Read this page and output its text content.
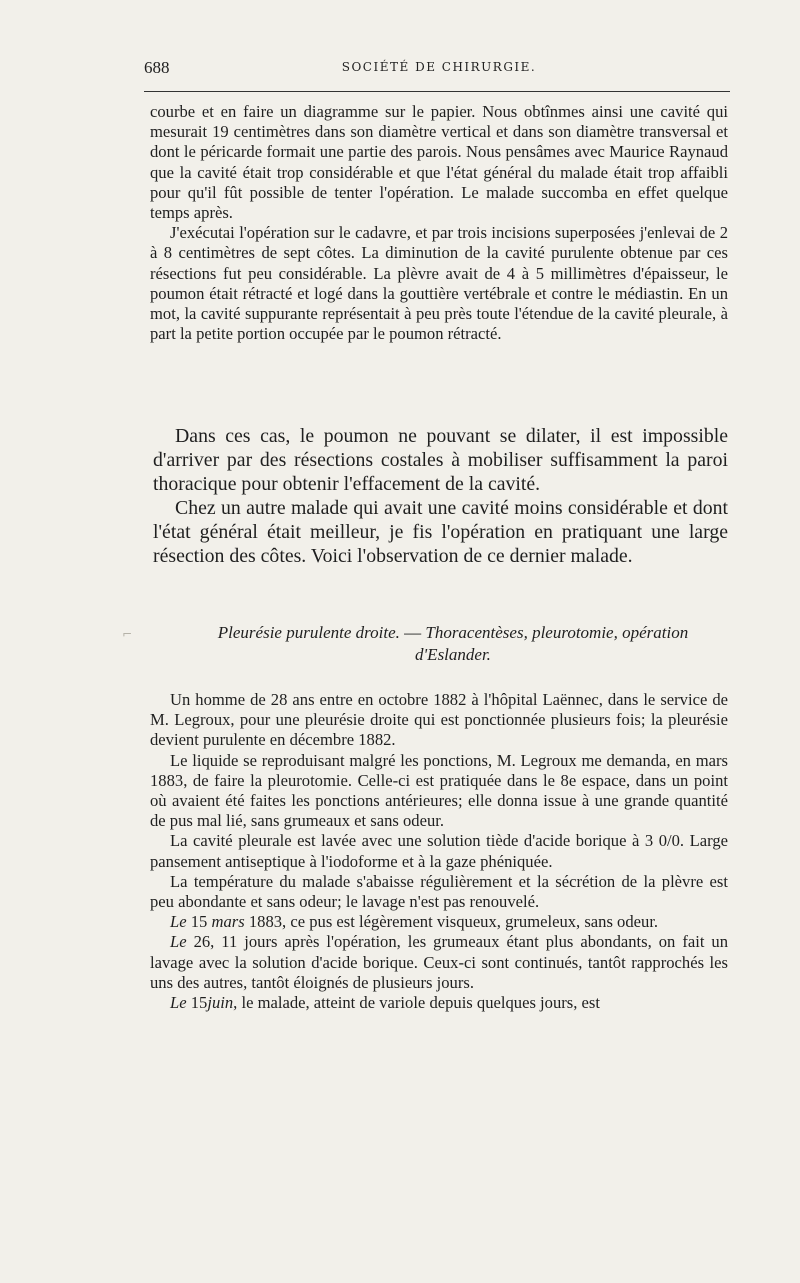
688	SOCIÉTÉ DE CHIRURGIE.

courbe et en faire un diagramme sur le papier. Nous obtînmes ainsi une cavité qui mesurait 19 centimètres dans son diamètre vertical et dans son diamètre transversal et dont le péricarde formait une partie des parois. Nous pensâmes avec Maurice Raynaud que la cavité était trop considérable et que l'état général du malade était trop affaibli pour qu'il fût possible de tenter l'opération. Le malade succomba en effet quelque temps après.

J'exécutai l'opération sur le cadavre, et par trois incisions superposées j'enlevai de 2 à 8 centimètres de sept côtes. La diminution de la cavité purulente obtenue par ces résections fut peu considérable. La plèvre avait de 4 à 5 millimètres d'épaisseur, le poumon était rétracté et logé dans la gouttière vertébrale et contre le médiastin. En un mot, la cavité suppurante représentait à peu près toute l'étendue de la cavité pleurale, à part la petite portion occupée par le poumon rétracté.

Dans ces cas, le poumon ne pouvant se dilater, il est impossible d'arriver par des résections costales à mobiliser suffisamment la paroi thoracique pour obtenir l'effacement de la cavité.

Chez un autre malade qui avait une cavité moins considérable et dont l'état général était meilleur, je fis l'opération en pratiquant une large résection des côtes. Voici l'observation de ce dernier malade.

Pleurésie purulente droite. — Thoracentèses, pleurotomie, opération
d'Eslander.

Un homme de 28 ans entre en octobre 1882 à l'hôpital Laënnec, dans le service de M. Legroux, pour une pleurésie droite qui est ponctionnée plusieurs fois; la pleurésie devient purulente en décembre 1882.

Le liquide se reproduisant malgré les ponctions, M. Legroux me demanda, en mars 1883, de faire la pleurotomie. Celle-ci est pratiquée dans le 8e espace, dans un point où avaient été faites les ponctions antérieures; elle donna issue à une grande quantité de pus mal lié, sans grumeaux et sans odeur.

La cavité pleurale est lavée avec une solution tiède d'acide borique à 3 0/0. Large pansement antiseptique à l'iodoforme et à la gaze phéniquée.

La température du malade s'abaisse régulièrement et la sécrétion de la plèvre est peu abondante et sans odeur; le lavage n'est pas renouvelé.

Le 15 mars 1883, ce pus est légèrement visqueux, grumeleux, sans odeur.

Le 26, 11 jours après l'opération, les grumeaux étant plus abondants, on fait un lavage avec la solution d'acide borique. Ceux-ci sont continués, tantôt rapprochés les uns des autres, tantôt éloignés de plusieurs jours.

Le 15juin, le malade, atteint de variole depuis quelques jours, est

⌐
